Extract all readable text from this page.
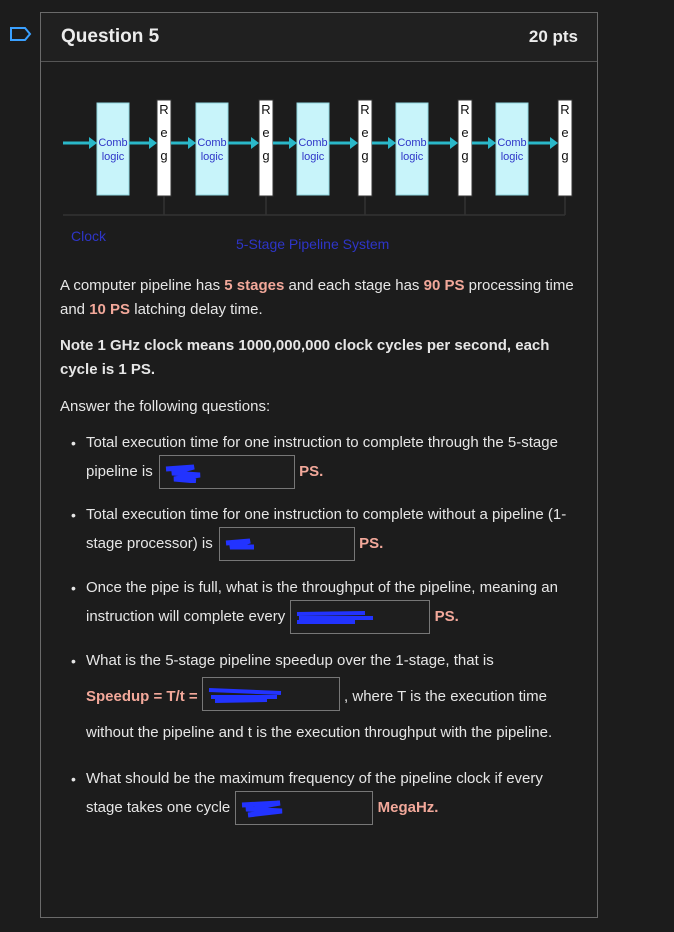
Question 5	20 pts
Comb
logic
Comb
logic
Comb
logic
Comb
logic
Comb
logic
R
e
g
R
e
g
R
e
g
R
e
g
R
e
g
Clock	5-Stage Pipeline System
A computer pipeline has 5 stages and each stage has 90 PS processing time and 10 PS latching delay time.
Note 1 GHz clock means 1000,000,000 clock cycles per second, each cycle is 1 PS.
Answer the following questions:
• Total execution time for one instruction to complete through the 5-stage pipeline is	PS.
• Total execution time for one instruction to complete without a pipeline (1-stage processor) is	PS.
• Once the pipe is full, what is the throughput of the pipeline, meaning an instruction will complete every	PS.
• What is the 5-stage pipeline speedup over the 1-stage, that is
Speedup = T/t =	, where T is the execution time without the pipeline and t is the execution throughput with the pipeline.
• What should be the maximum frequency of the pipeline clock if every stage takes one cycle	MegaHz.
